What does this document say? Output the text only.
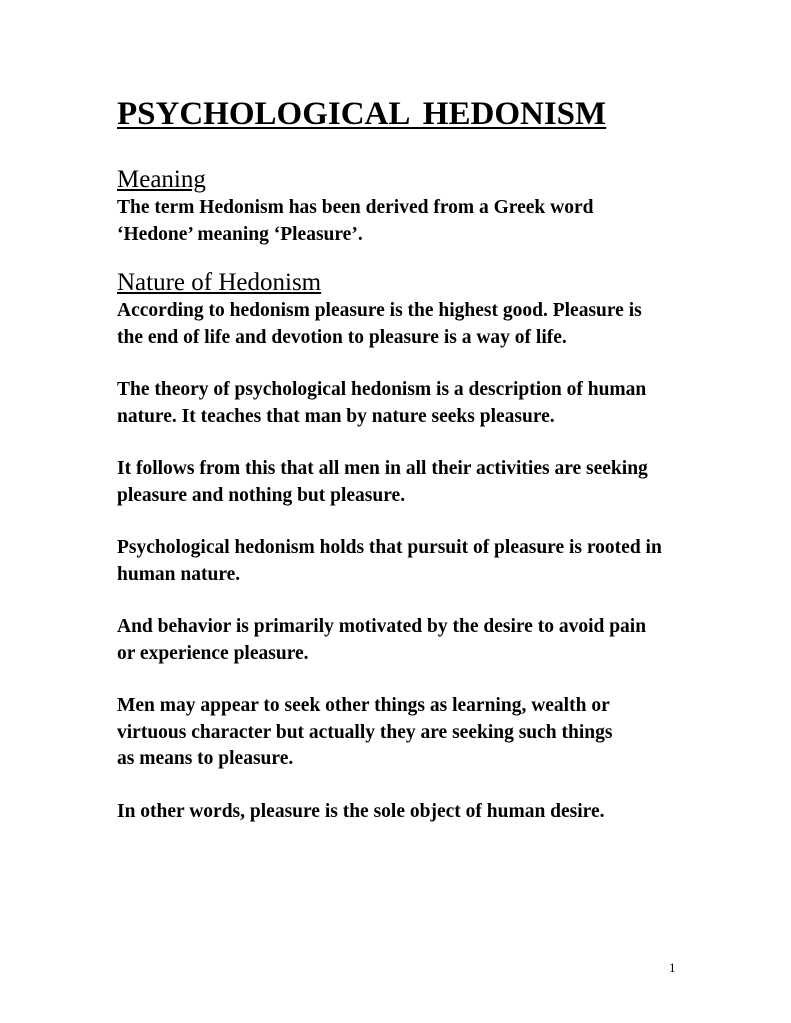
PSYCHOLOGICAL HEDONISM
Meaning

The term Hedonism has been derived from a Greek word ‘Hedone’ meaning ‘Pleasure’.

Nature of Hedonism

According to hedonism pleasure is the highest good. Pleasure is the end of life and devotion to pleasure is a way of life.

The theory of psychological hedonism is a description of human nature. It teaches that man by nature seeks pleasure.

It follows from this that all men in all their activities are seeking pleasure and nothing but pleasure.

Psychological hedonism holds that pursuit of pleasure is rooted in human nature.

And behavior is primarily motivated by the desire to avoid pain or experience pleasure.

Men may appear to seek other things as learning, wealth or virtuous character but actually they are seeking such things as means to pleasure.

In other words, pleasure is the sole object of human desire.

1
